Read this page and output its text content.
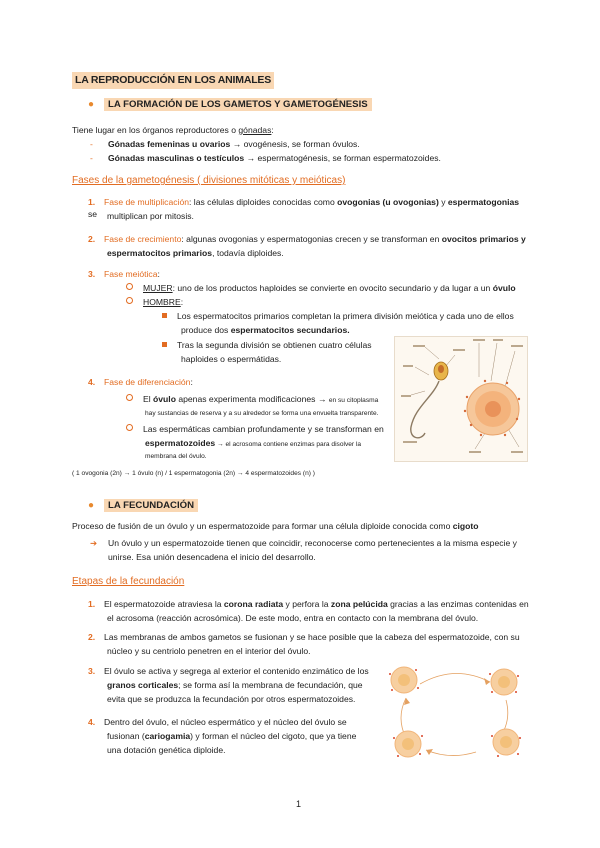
LA REPRODUCCIÓN EN LOS ANIMALES
● LA FORMACIÓN DE LOS GAMETOS Y GAMETOGÉNESIS
Tiene lugar en los órganos reproductores o gónadas:
- Gónadas femeninas u ovarios → ovogénesis, se forman óvulos.
- Gónadas masculinas o testículos → espermatogénesis, se forman espermatozoides.
Fases de la gametogénesis ( divisiones mitóticas y meióticas)
1. Fase de multiplicación: las células diploides conocidas como ovogonias (u ovogonias) y espermatogonias se	multiplican por mitosis.
2. Fase de crecimiento: algunas ovogonias y espermatogonias crecen y se transforman en ovocitos primarios y
espermatocitos primarios, todavía diploides.
3. Fase meiótica:
MUJER: uno de los productos haploides se convierte en ovocito secundario y da lugar a un óvulo
HOMBRE:
Los espermatocitos primarios completan la primera división meiótica y cada uno de ellos
produce dos espermatocitos secundarios.
Tras la segunda división se obtienen cuatro células
haploides o espermátidas.
4. Fase de diferenciación:
El óvulo apenas experimenta modificaciones → en su citoplasma
hay sustancias de reserva y a su alrededor se forma una envuelta transparente.
Las espermáticas cambian profundamente y se transforman en
espermatozoides → el acrosoma contiene enzimas para disolver la
membrana del óvulo.
( 1 ovogonia (2n) → 1 óvulo (n) / 1 espermatogonia (2n) → 4 espermatozoides (n) )
● LA FECUNDACIÓN
Proceso de fusión de un óvulo y un espermatozoide para formar una célula diploide conocida como cigoto
➔ Un óvulo y un espermatozoide tienen que coincidir, reconocerse como pertenecientes a la misma especie y
unirse. Esa unión desencadena el inicio del desarrollo.
Etapas de la fecundación
1. El espermatozoide atraviesa la corona radiata y perfora la zona pelúcida gracias a las enzimas contenidas en
el acrosoma (reacción acrosómica). De este modo, entra en contacto con la membrana del óvulo.
2. Las membranas de ambos gametos se fusionan y se hace posible que la cabeza del espermatozoide, con su
núcleo y su centriolo penetren en el interior del óvulo.
3. El óvulo se activa y segrega al exterior el contenido enzimático de los
granos corticales; se forma así la membrana de fecundación, que
evita que se produzca la fecundación por otros espermatozoides.
4. Dentro del óvulo, el núcleo espermático y el núcleo del óvulo se
fusionan (cariogamia) y forman el núcleo del cigoto, que ya tiene
una dotación genética diploide.
1
